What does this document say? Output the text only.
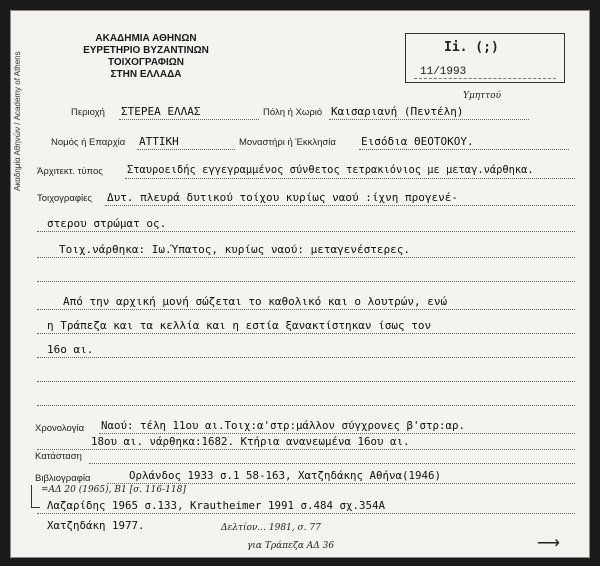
Ακαδημία Αθηνών / Academy of Athens
ΑΚΑΔΗΜΙΑ ΑΘΗΝΩΝ
ΕΥΡΕΤΗΡΙΟ ΒΥΖΑΝΤΙΝΩΝ ΤΟΙΧΟΓΡΑΦΙΩΝ
ΣΤΗΝ ΕΛΛΑΔΑ
Ii. (;)
11/1993
Περιοχή ΣΤΕΡΕΑ ΕΛΛΑΣ	Πόλη ή Χωριό Καισαριανή (Πεντέλη)
Υμηττού
Νομός ή Επαρχία ΑΤΤΙΚΗ	Μοναστήρι ή Έκκλησία Εισόδια ΘΕΟΤΟΚΟΥ.
Άρχιτεκτ. τύπος Σταυροειδής εγγεγραμμένος σύνθετος τετρακιόνιος με μεταγ.νάρθηκα.
Τοιχογραφίες Δυτ. πλευρά δυτικού τοίχου κυρίως ναού :ίχνη προγενέ-
στερου στρώματ ος.
Τοιχ.νάρθηκα: Ιω.Ύπατος, κυρίως ναού: μεταγενέστερες.
Από την αρχική μονή σώζεται το καθολικό και ο λουτρών, ενώ
η Τράπεζα και τα κελλία και η εστία ξανακτίστηκαν ίσως τον
16ο αι.
Χρονολογία Ναού: τέλη 11ου αι.Τοιχ:α'στρ:μάλλον σύγχρονες β'στρ:αρ.
18ου αι. νάρθηκα:1682. Κτήρια ανανεωμένα 16ου αι.
Κατάσταση
Βιβλιογραφία	Ορλάνδος 1933 σ.1 58-163, Χατζηδάκης Αθήνα(1946)
=ΑΔ 20 (1965), Β1 [σ. 116-118]
Λαζαρίδης 1965 σ.133, Krautheimer 1991 σ.484 σχ.354Α
Χατζηδάκη 1977.	Δελτίον... 1981, σ. 77
για Τράπεζα ΑΔ 36	⟶
